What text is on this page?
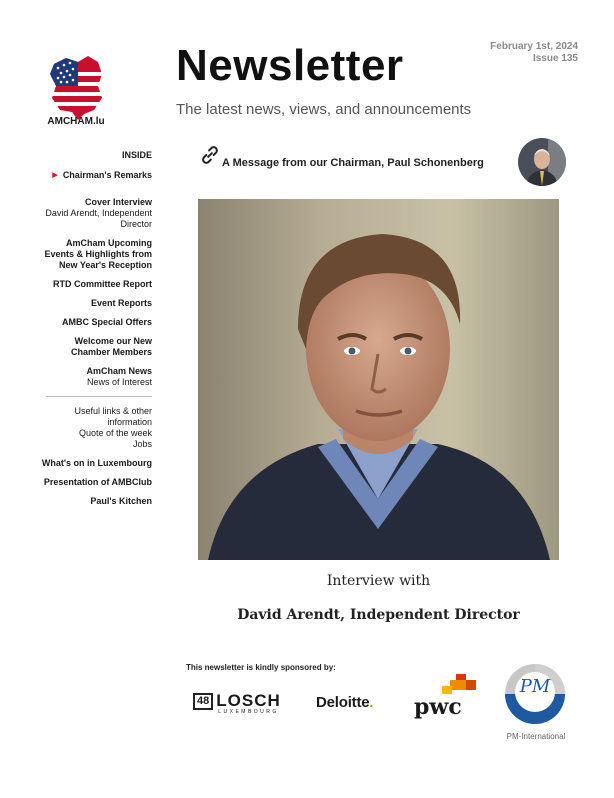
AMCHAM.lu
Newsletter
The latest news, views, and announcements
February 1st, 2024
Issue 135
INSIDE
▶ Chairman's Remarks
Cover Interview
David Arendt, Independent Director
AmCham Upcoming Events & Highlights from New Year's Reception
RTD Committee Report
Event Reports
AMBC Special Offers
Welcome our New Chamber Members
AmCham News
News of Interest
Useful links & other information
Quote of the week
Jobs
What's on in Luxembourg
Presentation of AMBClub
Paul's Kitchen
A Message from our Chairman, Paul Schonenberg
Interview with
David Arendt, Independent Director
This newsletter is kindly sponsored by:
48 LOSCH
LUXEMBOURG
Deloitte. pwc
PM
PM-International
